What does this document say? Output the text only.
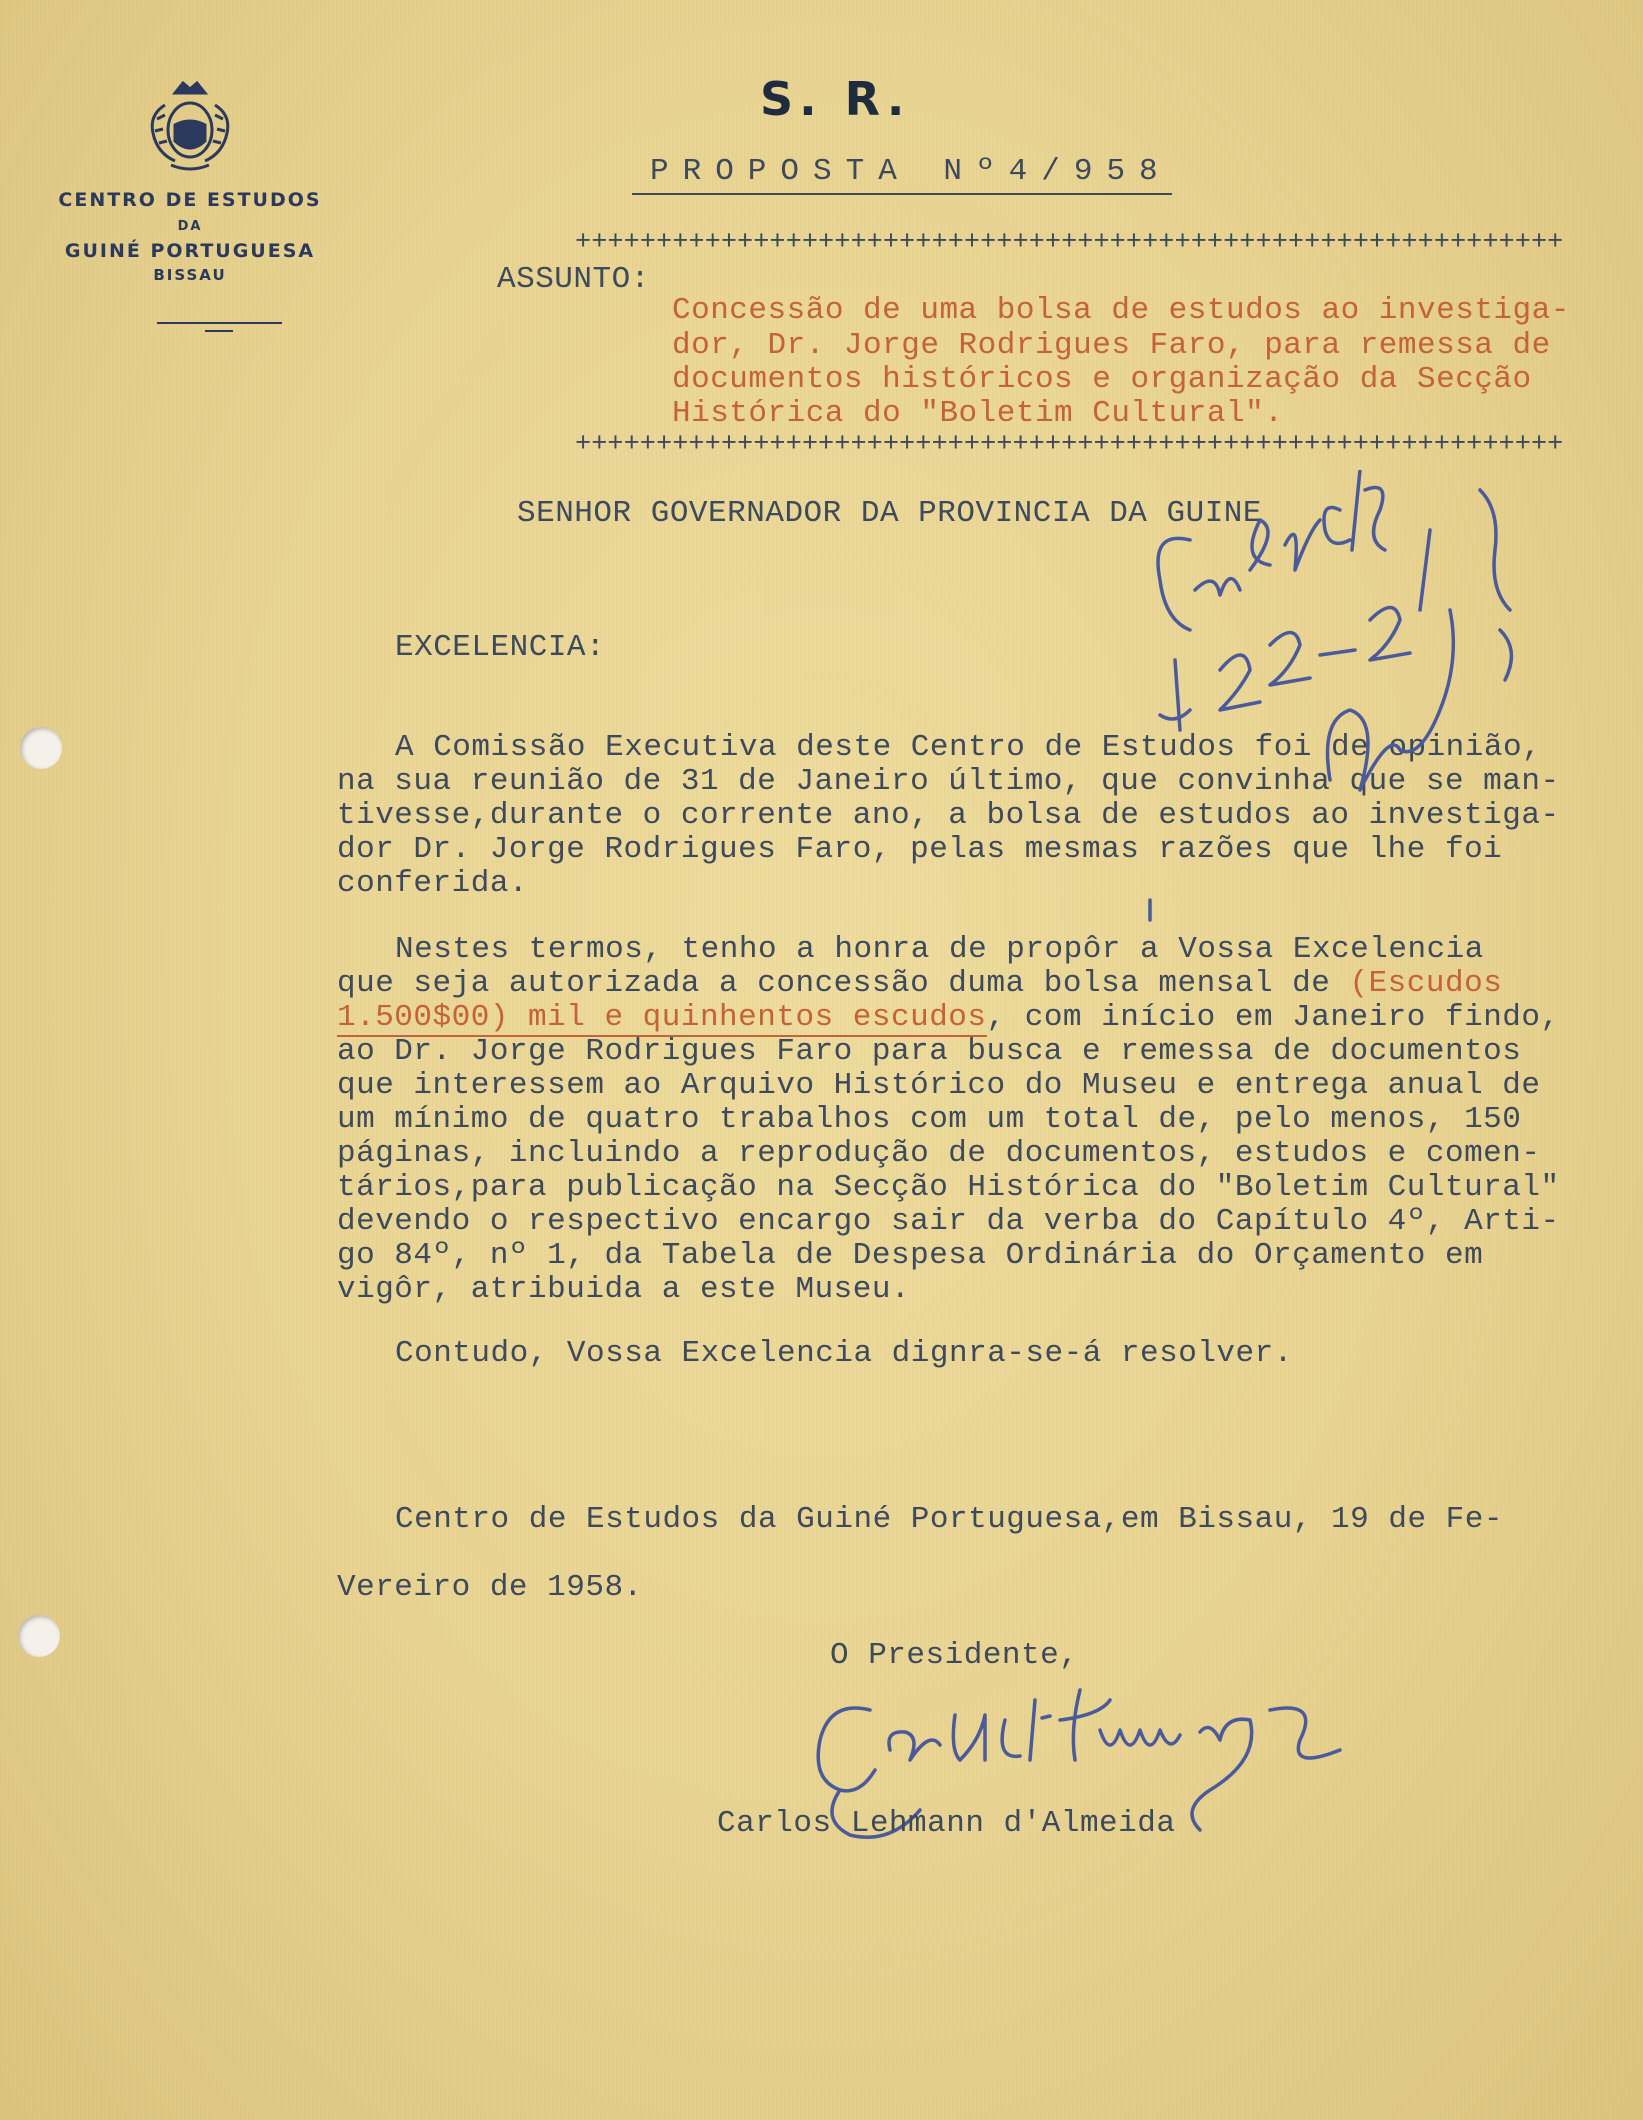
CENTRO DE ESTUDOS
DA
GUINÉ PORTUGUESA
BISSAU
S. R.
PROPOSTA Nº4/958
+++++++++++++++++++++++++++++++++++++++++++++++++++++++++++++
ASSUNTO:
Concessão de uma bolsa de estudos ao investiga-
dor, Dr. Jorge Rodrigues Faro, para remessa de
documentos históricos e organização da Secção
Histórica do "Boletim Cultural".
+++++++++++++++++++++++++++++++++++++++++++++++++++++++++++++
SENHOR GOVERNADOR DA PROVINCIA DA GUINE
EXCELENCIA:
A Comissão Executiva deste Centro de Estudos foi de opinião,
na sua reunião de 31 de Janeiro último, que convinha que se man-
tivesse,durante o corrente ano, a bolsa de estudos ao investiga-
dor Dr. Jorge Rodrigues Faro, pelas mesmas razões que lhe foi
conferida.
Nestes termos, tenho a honra de propôr a Vossa Excelencia
que seja autorizada a concessão duma bolsa mensal de (Escudos
1.500$00) mil e quinhentos escudos, com início em Janeiro findo,
ao Dr. Jorge Rodrigues Faro para busca e remessa de documentos
que interessem ao Arquivo Histórico do Museu e entrega anual de
um mínimo de quatro trabalhos com um total de, pelo menos, 150
páginas, incluindo a reprodução de documentos, estudos e comen-
tários,para publicação na Secção Histórica do "Boletim Cultural"
devendo o respectivo encargo sair da verba do Capítulo 4º, Arti-
go 84º, nº 1, da Tabela de Despesa Ordinária do Orçamento em
vigôr, atribuida a este Museu.
Contudo, Vossa Excelencia dignra-se-á resolver.
Centro de Estudos da Guiné Portuguesa,em Bissau, 19 de Fe-
Vereiro de 1958.
O Presidente,
Carlos Lehmann d'Almeida
